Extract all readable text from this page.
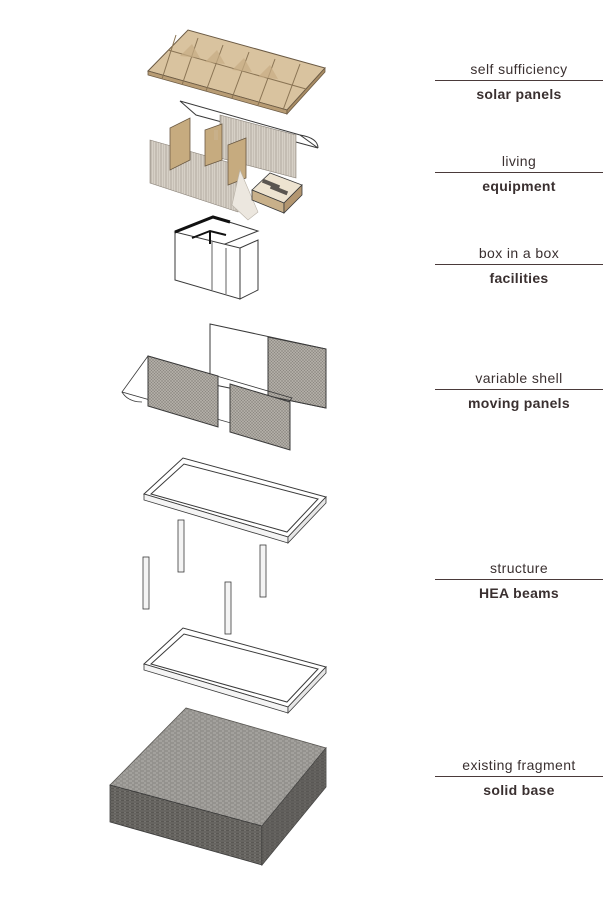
self sufficiency
solar panels
living
equipment
box in a box
facilities
variable shell
moving panels
structure
HEA beams
existing fragment
solid base
